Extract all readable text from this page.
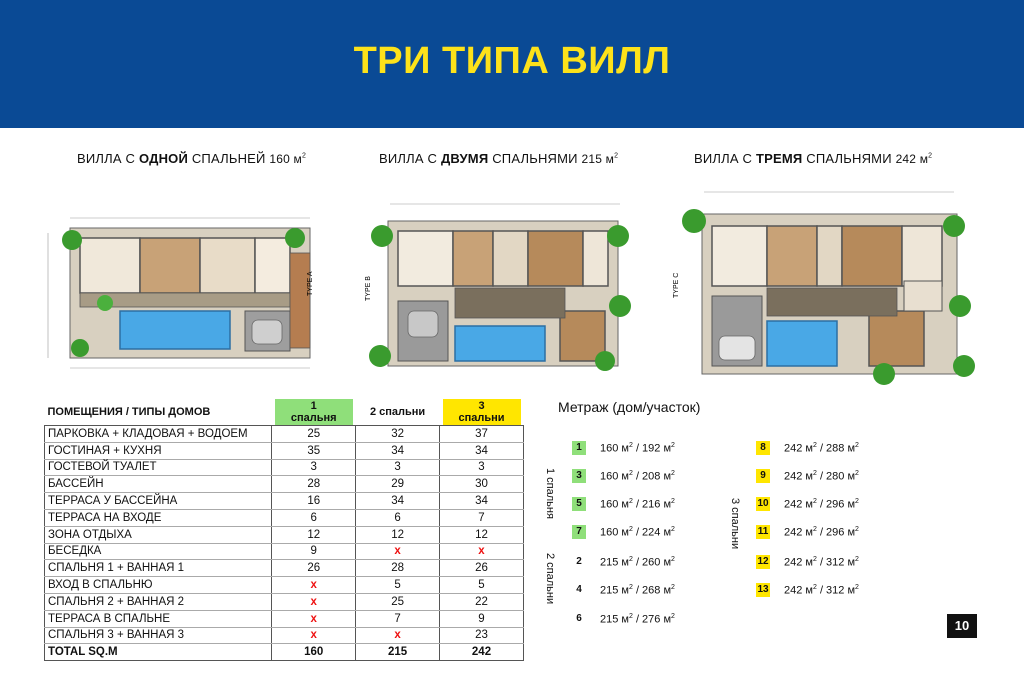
ТРИ ТИПА ВИЛЛ
ВИЛЛА С ОДНОЙ СПАЛЬНЕЙ 160 $м^2$	ВИЛЛА С ДВУМЯ СПАЛЬНЯМИ 215 $м^2$	ВИЛЛА С ТРЕМЯ СПАЛЬНЯМИ 242 $м^2$
TYPE A	TYPE B	TYPE C
ПОМЕЩЕНИЯ / ТИПЫ ДОМОВ	1 спальня	2 спальни	3 спальни
ПАРКОВКА + КЛАДОВАЯ + ВОДОЕМ	25	32	37
ГОСТИНАЯ + КУХНЯ	35	34	34
ГОСТЕВОЙ ТУАЛЕТ	3	3	3
БАССЕЙН	28	29	30
ТЕРРАСА У БАССЕЙНА	16	34	34
ТЕРРАСА НА ВХОДЕ	6	6	7
ЗОНА ОТДЫХА	12	12	12
БЕСЕДКА	9	x	x
СПАЛЬНЯ 1 + ВАННАЯ 1	26	28	26
ВХОД В СПАЛЬНЮ	x	5	5
СПАЛЬНЯ 2 + ВАННАЯ 2	x	25	22
ТЕРРАСА В СПАЛЬНЕ	x	7	9
СПАЛЬНЯ 3 + ВАННАЯ 3	x	x	23
TOTAL SQ.M	160	215	242
Метраж (дом/участок)
1 спальня
2 спальни
3 спальни
1	160 $м^2 / 192$ $м^2$
3	160 $м^2 / 208$ $м^2$
5	160 $м^2 / 216$ $м^2$
7	160 $м^2 / 224$ $м^2$
2	215 $м^2 / 260$ $м^2$
4	215 $м^2 / 268$ $м^2$
6	215 $м^2 / 276$ $м^2$
8	242 $м^2 / 288$ $м^2$
9	242 $м^2 / 280$ $м^2$
10 242 $м^2 / 296$ $м^2$
11 242 $м^2 / 296$ $м^2$
12 242 $м^2 / 312$ $м^2$
13 242 $м^2 / 312$ $м^2$
10
